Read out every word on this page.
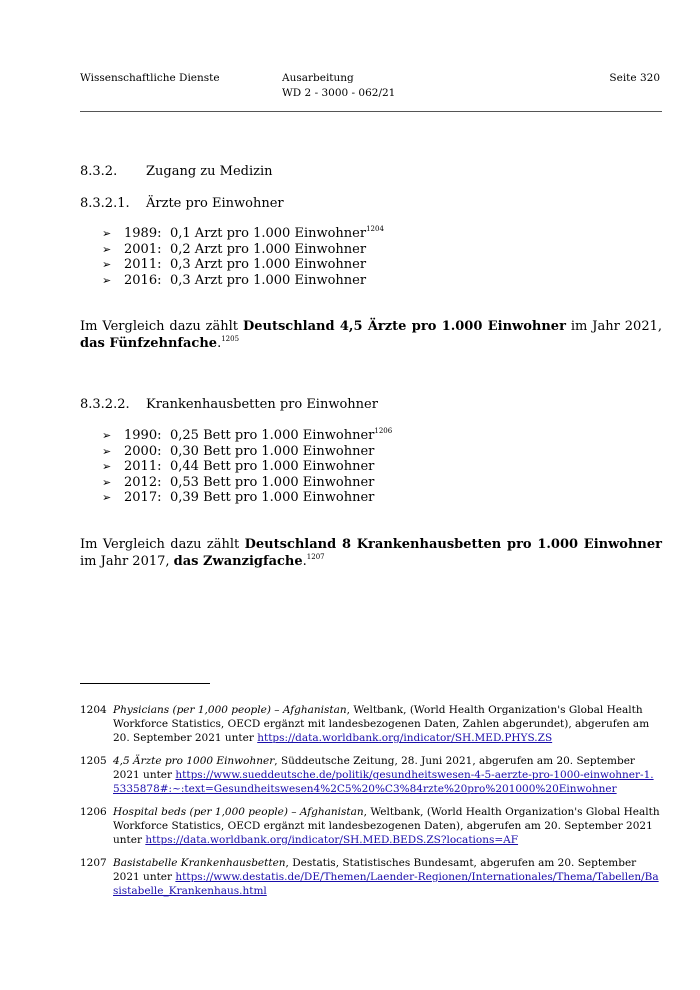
Wissenschaftliche Dienste	Ausarbeitung
WD 2 - 3000 - 062/21
Seite 320
8.3.2. Zugang zu Medizin
8.3.2.1. Ärzte pro Einwohner
➢ 1989: 0,1 Arzt pro 1.000 Einwohner$^{1204}$
➢ 2001: 0,2 Arzt pro 1.000 Einwohner
➢ 2011: 0,3 Arzt pro 1.000 Einwohner
➢ 2016: 0,3 Arzt pro 1.000 Einwohner
Im Vergleich dazu zählt Deutschland 4,5 Ärzte pro 1.000 Einwohner im Jahr 2021, das Fünfzehnfache.$^{1205}$
8.3.2.2. Krankenhausbetten pro Einwohner
➢ 1990: 0,25 Bett pro 1.000 Einwohner$^{1206}$
➢ 2000: 0,30 Bett pro 1.000 Einwohner
➢ 2011: 0,44 Bett pro 1.000 Einwohner
➢ 2012: 0,53 Bett pro 1.000 Einwohner
➢ 2017: 0,39 Bett pro 1.000 Einwohner
Im Vergleich dazu zählt Deutschland 8 Krankenhausbetten pro 1.000 Einwohner im Jahr 2017, das Zwanzigfache.$^{1207}$
1204 Physicians (per 1,000 people) – Afghanistan, Weltbank, (World Health Organization's Global Health Workforce Statistics, OECD ergänzt mit landesbezogenen Daten, Zahlen abgerundet), abgerufen am 20. September 2021 unter https://data.worldbank.org/indicator/SH.MED.PHYS.ZS
1205 4,5 Ärzte pro 1000 Einwohner, Süddeutsche Zeitung, 28. Juni 2021, abgerufen am 20. September 2021 unter https://www.sueddeutsche.de/politik/gesundheitswesen-4-5-aerzte-pro-1000-einwohner-1.5335878#:~:text=Gesundheitswesen4%2C5%20%C3%84rzte%20pro%201000%20Einwohner
1206 Hospital beds (per 1,000 people) – Afghanistan, Weltbank, (World Health Organization's Global Health Workforce Statistics, OECD ergänzt mit landesbezogenen Daten), abgerufen am 20. September 2021 unter https://data.worldbank.org/indicator/SH.MED.BEDS.ZS?locations=AF
1207 Basistabelle Krankenhausbetten, Destatis, Statistisches Bundesamt, abgerufen am 20. September 2021 unter https://www.destatis.de/DE/Themen/Laender-Regionen/Internationales/Thema/Tabellen/Basistabelle_Krankenhaus.html
